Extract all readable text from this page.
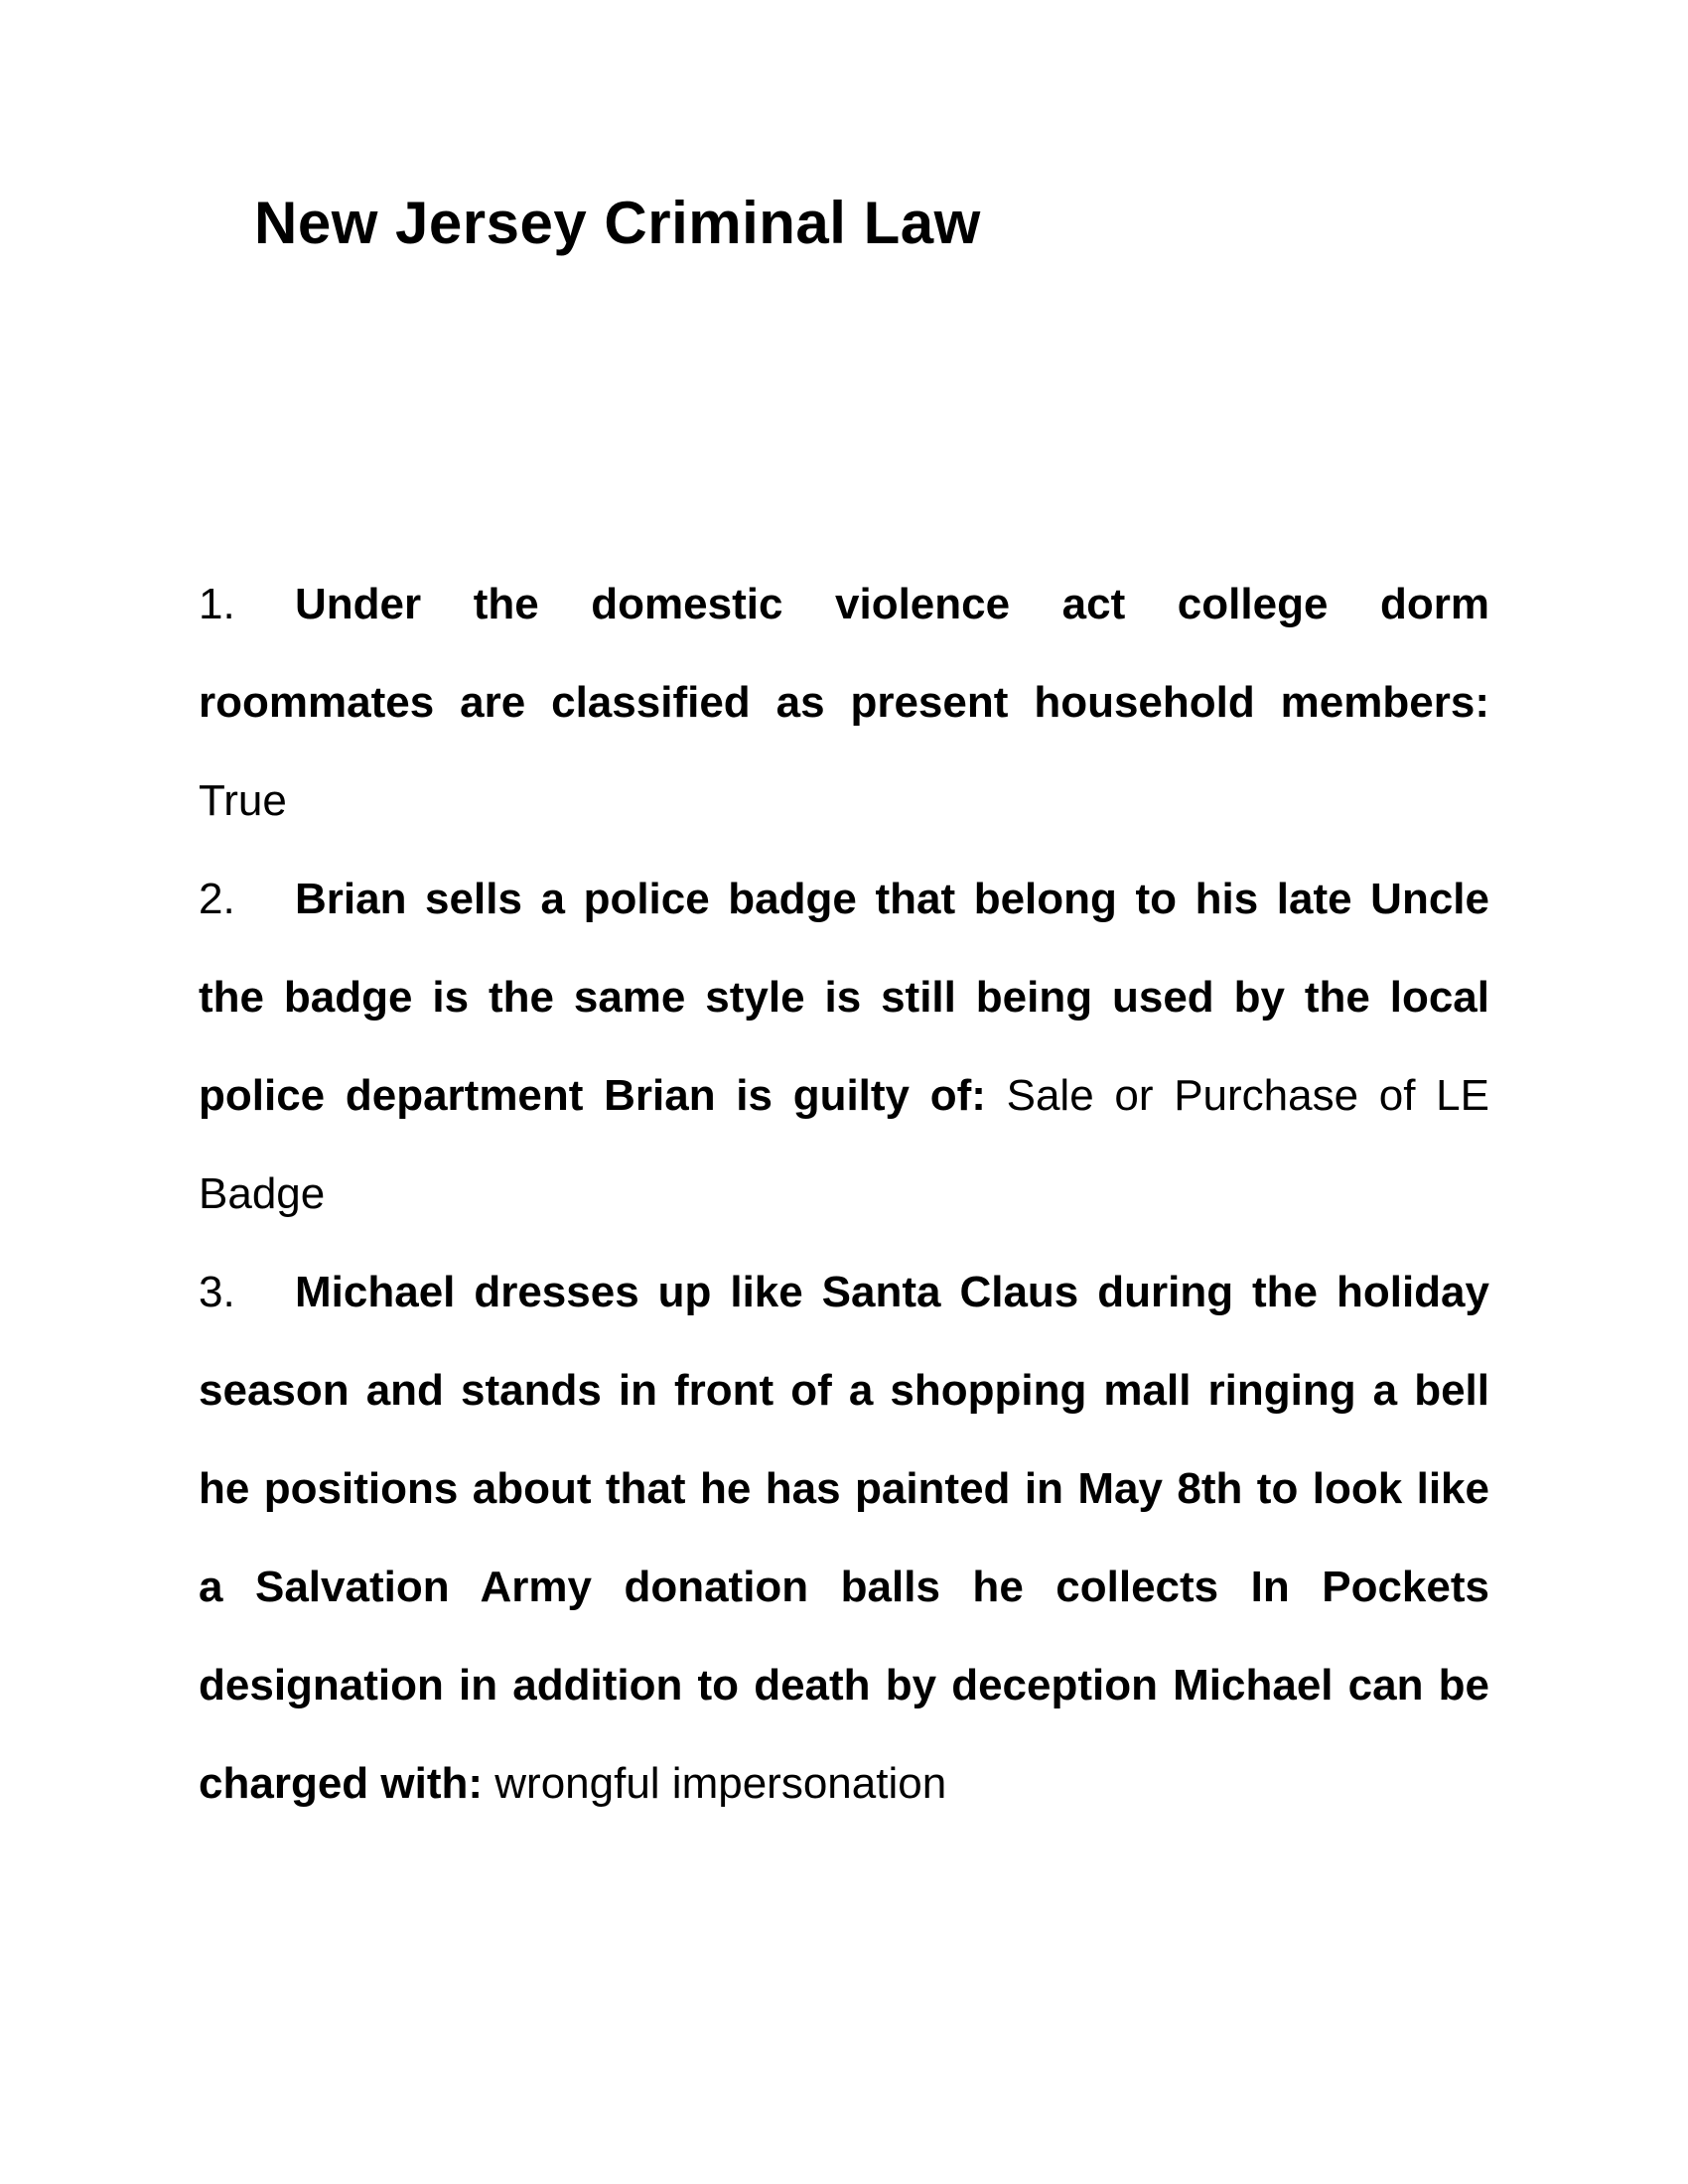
New Jersey Criminal Law

1. Under the domestic violence act college dorm roommates are classified as present household members: True

2. Brian sells a police badge that belong to his late Uncle the badge is the same style is still being used by the local police department Brian is guilty of: Sale or Purchase of LE Badge

3. Michael dresses up like Santa Claus during the holiday season and stands in front of a shopping mall ringing a bell he positions about that he has painted in May 8th to look like a Salvation Army donation balls he collects In Pockets designation in addition to death by deception Michael can be charged with: wrongful impersonation
